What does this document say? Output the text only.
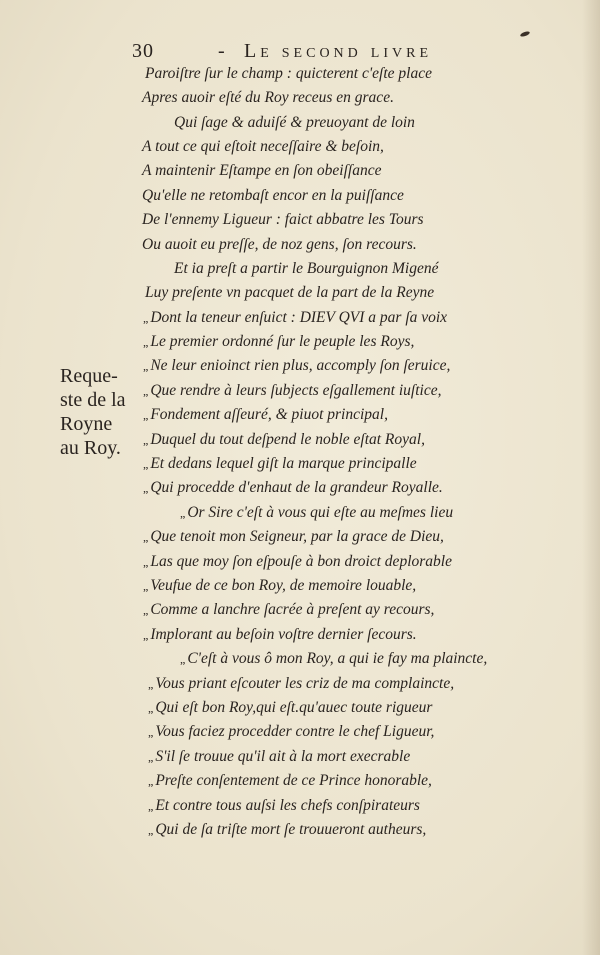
30	- Le second livre
Reque-
ste de la
Royne
au Roy.
Paroiſtre ſur le champ : quicterent c'eſte place
Apres auoir eſté du Roy receus en grace.
Qui ſage & aduiſé & preuoyant de loin
A tout ce qui eſtoit neceſſaire & beſoin,
A maintenir Eſtampe en ſon obeiſſance
Qu'elle ne retombaſt encor en la puiſſance
De l'ennemy Ligueur : faict abbatre les Tours
Ou auoit eu preſſe, de noz gens, ſon recours.
Et ia preſt a partir le Bourguignon Migené
Luy preſente vn pacquet de la part de la Reyne
„ Dont la teneur enſuict : DIEV QVI a par ſa voix
„ Le premier ordonné ſur le peuple les Roys,
„ Ne leur enioinct rien plus, accomply ſon ſeruice,
„ Que rendre à leurs ſubjects eſgallement iuſtice,
„ Fondement aſſeuré, & piuot principal,
„ Duquel du tout deſpend le noble eſtat Royal,
„ Et dedans lequel giſt la marque principalle
„ Qui procedde d'enhaut de la grandeur Royalle.
„ Or Sire c'eſt à vous qui eſte au meſmes lieu
„ Que tenoit mon Seigneur, par la grace de Dieu,
„ Las que moy ſon eſpouſe à bon droict deplorable
„ Veufue de ce bon Roy, de memoire louable,
„ Comme a lanchre ſacrée à preſent ay recours,
„ Implorant au beſoin voſtre dernier ſecours.
„ C'eſt à vous ô mon Roy, a qui ie fay ma plaincte,
„ Vous priant eſcouter les criz de ma complaincte,
„ Qui eſt bon Roy,qui eſt.qu'auec toute rigueur
„ Vous faciez procedder contre le chef Ligueur,
„ S'il ſe trouue qu'il ait à la mort execrable
„ Preſte conſentement de ce Prince honorable,
„ Et contre tous auſsi les chefs conſpirateurs
„ Qui de ſa triſte mort ſe trouueront autheurs,
